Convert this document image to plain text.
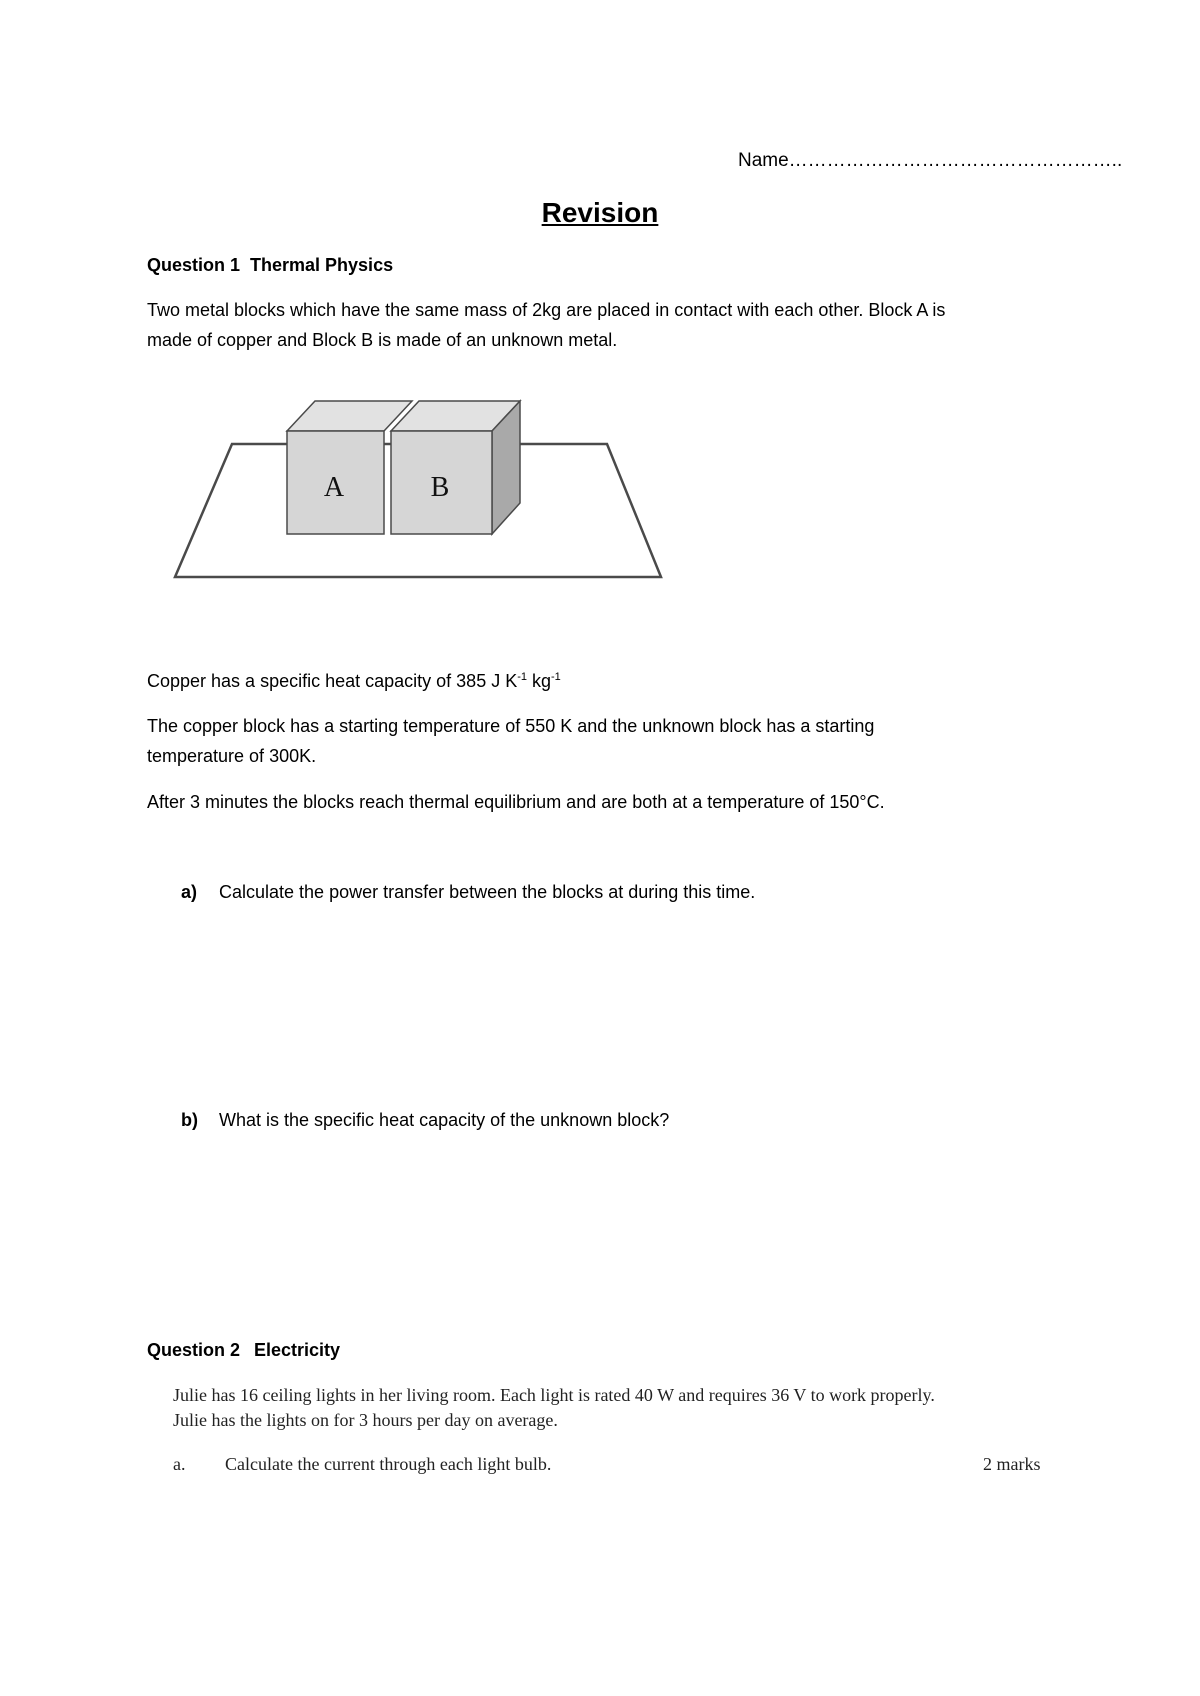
Name……………………………………………..
Revision
Question 1 Thermal Physics
Two metal blocks which have the same mass of 2kg are placed in contact with each other. Block A is
made of copper and Block B is made of an unknown metal.
A	B
Copper has a specific heat capacity of 385 J $K^{-1}$ $kg^{-1}$
The copper block has a starting temperature of 550 K and the unknown block has a starting
temperature of 300K.
After 3 minutes the blocks reach thermal equilibrium and are both at a temperature of 150°C.
a) Calculate the power transfer between the blocks at during this time.
b) What is the specific heat capacity of the unknown block?
Question 2 Electricity
Julie has 16 ceiling lights in her living room. Each light is rated 40 W and requires 36 V to work properly.
Julie has the lights on for 3 hours per day on average.
a. Calculate the current through each light bulb.	2 marks
